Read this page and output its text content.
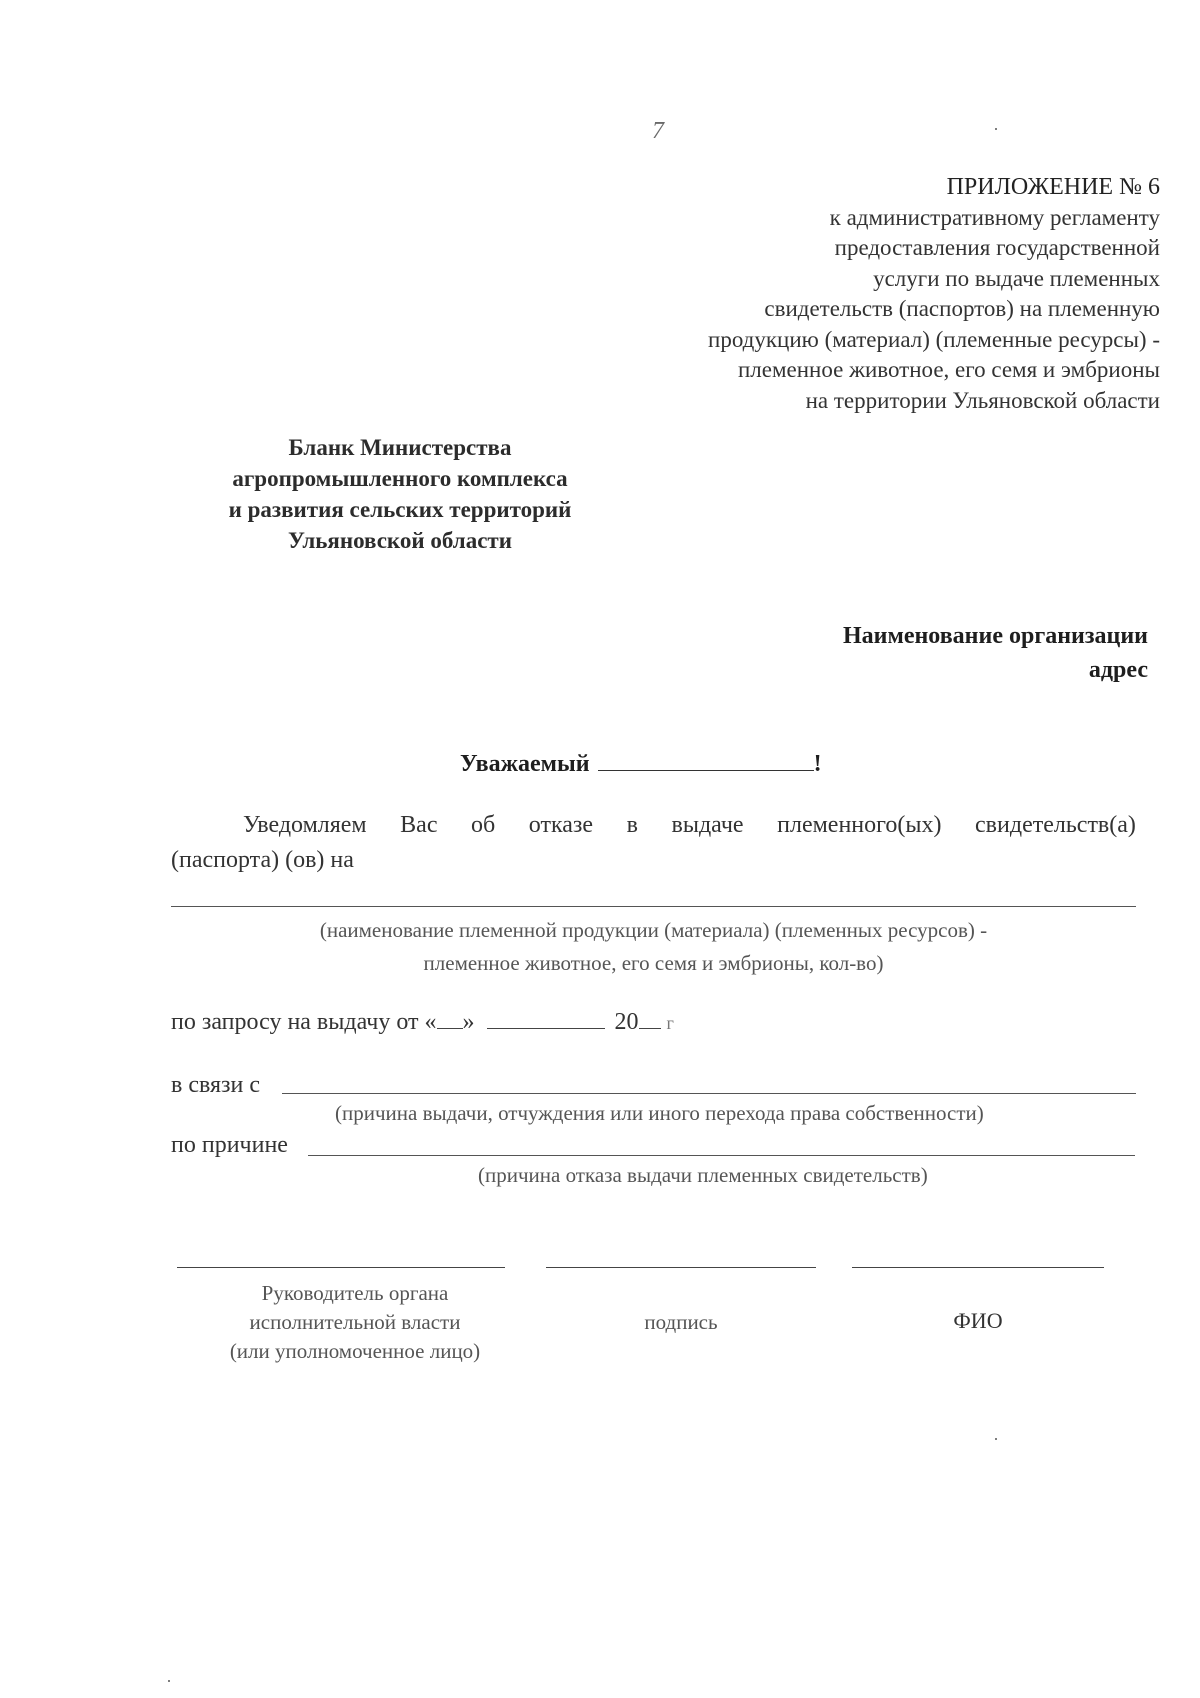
7
ПРИЛОЖЕНИЕ № 6
к административному регламенту
предоставления государственной
услуги по выдаче племенных
свидетельств (паспортов) на племенную
продукцию (материал) (племенные ресурсы) -
племенное животное, его семя и эмбрионы
на территории Ульяновской области
Бланк Министерства
агропромышленного комплекса
и развития сельских территорий
Ульяновской области
Наименование организации
адрес
Уважаемый	!
Уведомляем Вас об отказе в выдаче племенного(ых) свидетельств(а)
(паспорта) (ов) на
(наименование племенной продукции (материала) (племенных ресурсов) -
племенное животное, его семя и эмбрионы, кол-во)
по запросу на выдачу от « »	20 г
в связи с
(причина выдачи, отчуждения или иного перехода права собственности)
по причине
(причина отказа выдачи племенных свидетельств)
Руководитель органа
исполнительной власти
(или уполномоченное лицо)
подпись	ФИО
